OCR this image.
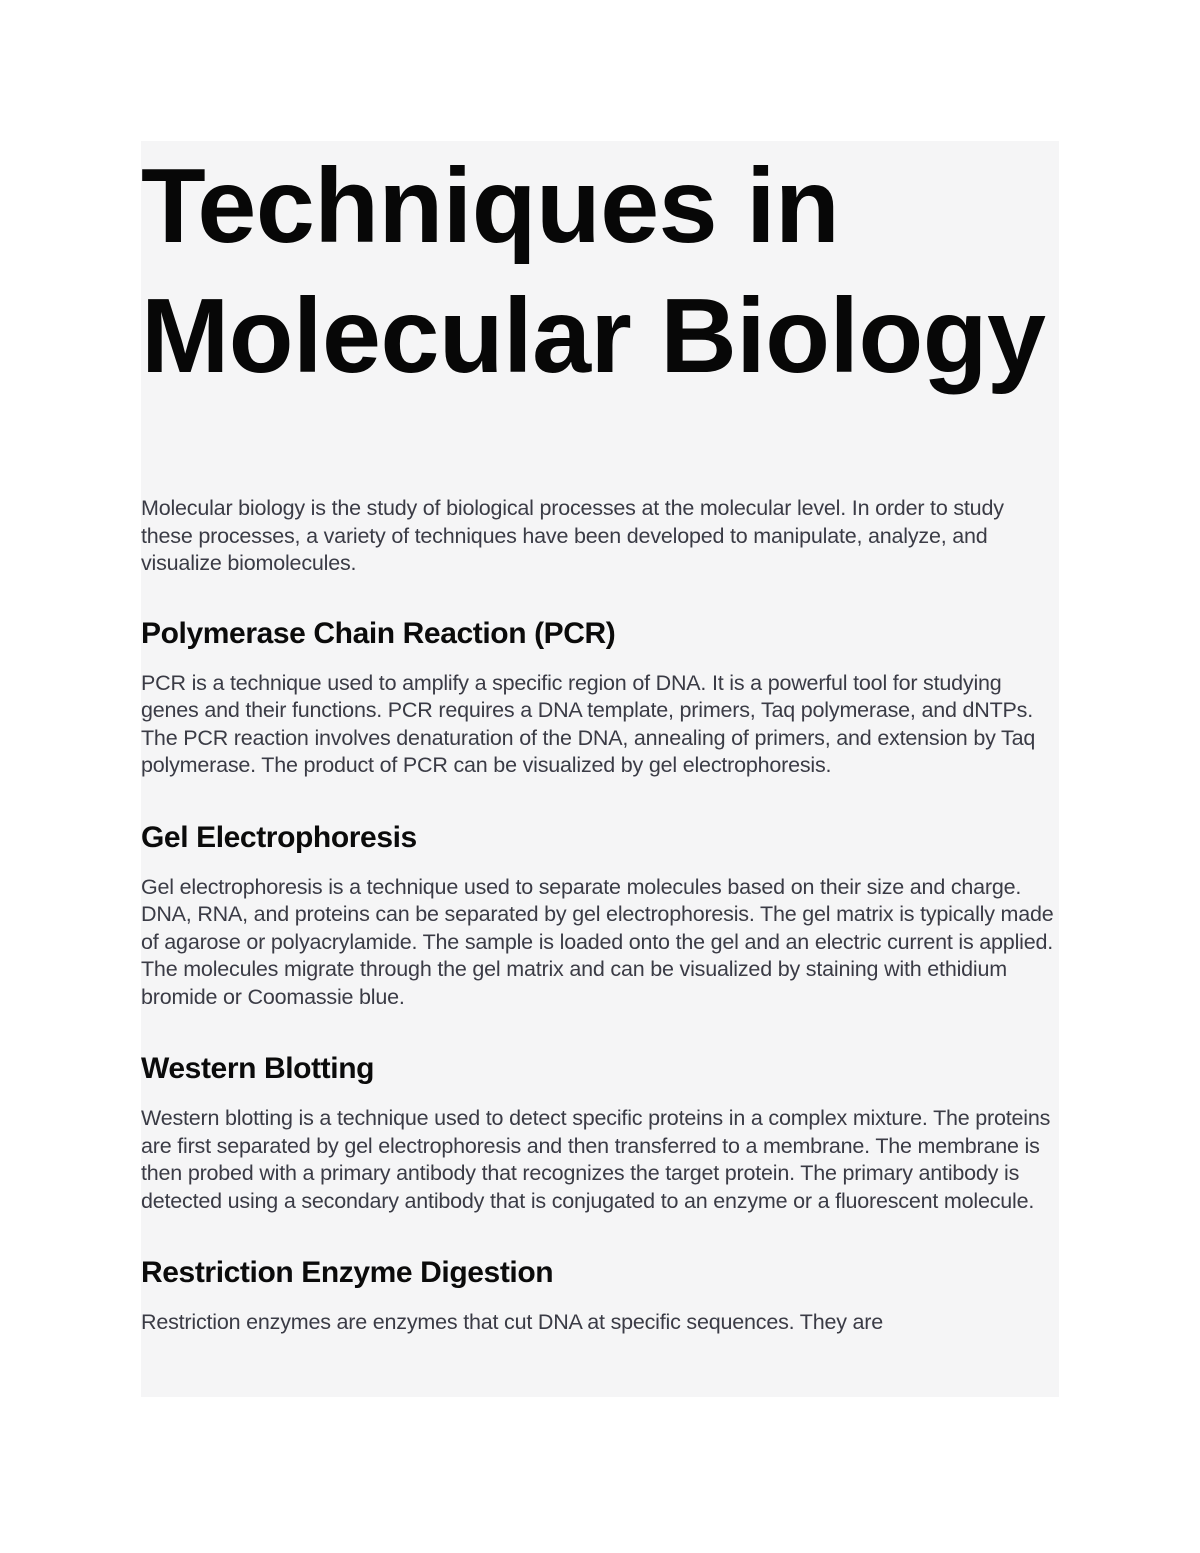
Techniques in
Molecular Biology

Molecular biology is the study of biological processes at the molecular level. In order to study these processes, a variety of techniques have been developed to manipulate, analyze, and visualize biomolecules.

Polymerase Chain Reaction (PCR)

PCR is a technique used to amplify a specific region of DNA. It is a powerful tool for studying genes and their functions. PCR requires a DNA template, primers, Taq polymerase, and dNTPs. The PCR reaction involves denaturation of the DNA, annealing of primers, and extension by Taq polymerase. The product of PCR can be visualized by gel electrophoresis.

Gel Electrophoresis

Gel electrophoresis is a technique used to separate molecules based on their size and charge. DNA, RNA, and proteins can be separated by gel electrophoresis. The gel matrix is typically made of agarose or polyacrylamide. The sample is loaded onto the gel and an electric current is applied. The molecules migrate through the gel matrix and can be visualized by staining with ethidium bromide or Coomassie blue.

Western Blotting

Western blotting is a technique used to detect specific proteins in a complex mixture. The proteins are first separated by gel electrophoresis and then transferred to a membrane. The membrane is then probed with a primary antibody that recognizes the target protein. The primary antibody is detected using a secondary antibody that is conjugated to an enzyme or a fluorescent molecule.

Restriction Enzyme Digestion

Restriction enzymes are enzymes that cut DNA at specific sequences. They are
